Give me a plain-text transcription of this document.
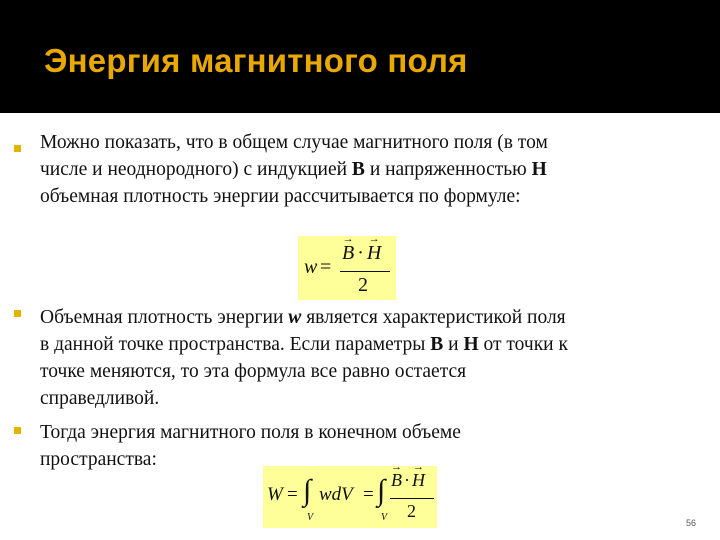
Энергия магнитного поля
Можно показать, что в общем случае магнитного поля (в том
числе и неоднородного) с индукцией B и напряженностью H
объемная плотность энергии рассчитывается по формуле:
w =
→
B ·
→
H
2
Объемная плотность энергии w является характеристикой поля
в данной точке пространства. Если параметры B и H от точки к
точке меняются, то эта формула все равно остается
справедливой.
Тогда энергия магнитного поля в конечном объеме
пространства:
W = ∫
V
wdV = ∫
V
→
B ·
→
H
2
56
